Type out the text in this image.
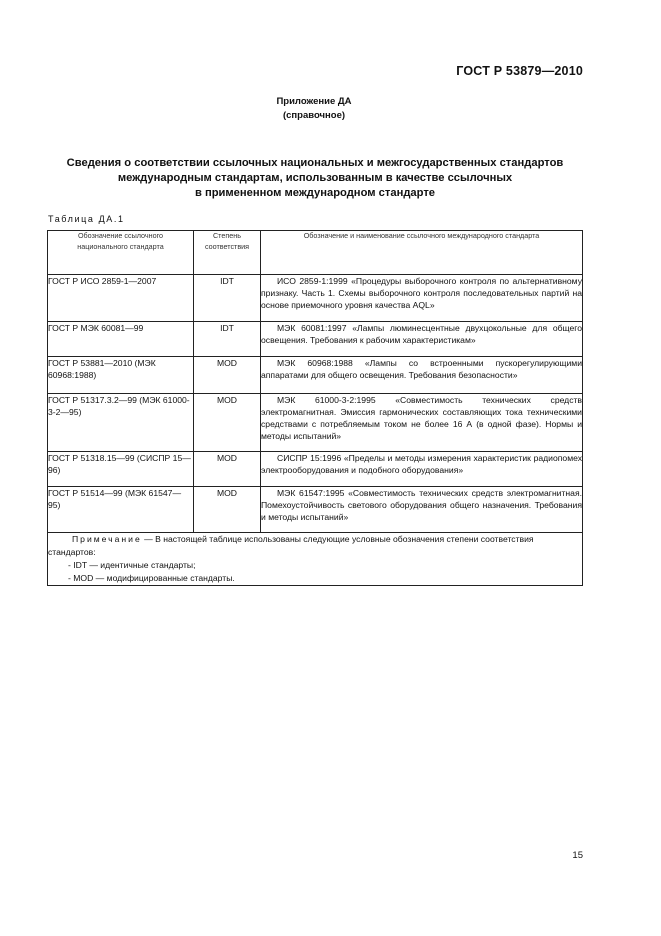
ГОСТ Р 53879—2010
Приложение ДА
(справочное)
Сведения о соответствии ссылочных национальных и межгосударственных стандартов
международным стандартам, использованным в качестве ссылочных
в примененном международном стандарте
Таблица ДА.1
Обозначение ссылочного национального стандарта	Степень соответствия	Обозначение и наименование ссылочного международного стандарта
ГОСТ Р ИСО 2859-1—2007	IDT	ИСО 2859-1:1999 «Процедуры выборочного контроля по альтернативному признаку. Часть 1. Схемы выборочного контроля последовательных партий на основе приемочного уровня качества AQL»
ГОСТ Р МЭК 60081—99	IDT	МЭК 60081:1997 «Лампы люминесцентные двухцокольные для общего освещения. Требования к рабочим характеристикам»
ГОСТ Р 53881—2010 (МЭК 60968:1988)	MOD	МЭК 60968:1988 «Лампы со встроенными пускорегулирующими аппаратами для общего освещения. Требования безопасности»
ГОСТ Р 51317.3.2—99 (МЭК 61000-3-2—95)	MOD	МЭК 61000-3-2:1995 «Совместимость технических средств электромагнитная. Эмиссия гармонических составляющих тока техническими средствами с потребляемым током не более 16 А (в одной фазе). Нормы и методы испытаний»
ГОСТ Р 51318.15—99 (СИСПР 15—96)	MOD	СИСПР 15:1996 «Пределы и методы измерения характеристик радиопомех электрооборудования и подобного оборудования»
ГОСТ Р 51514—99 (МЭК 61547—95)	MOD	МЭК 61547:1995 «Совместимость технических средств электромагнитная. Помехоустойчивость светового оборудования общего назначения. Требования и методы испытаний»

Примечание — В настоящей таблице использованы следующие условные обозначения степени соответствия стандартов:
- IDT — идентичные стандарты;
- MOD — модифицированные стандарты.		
15
